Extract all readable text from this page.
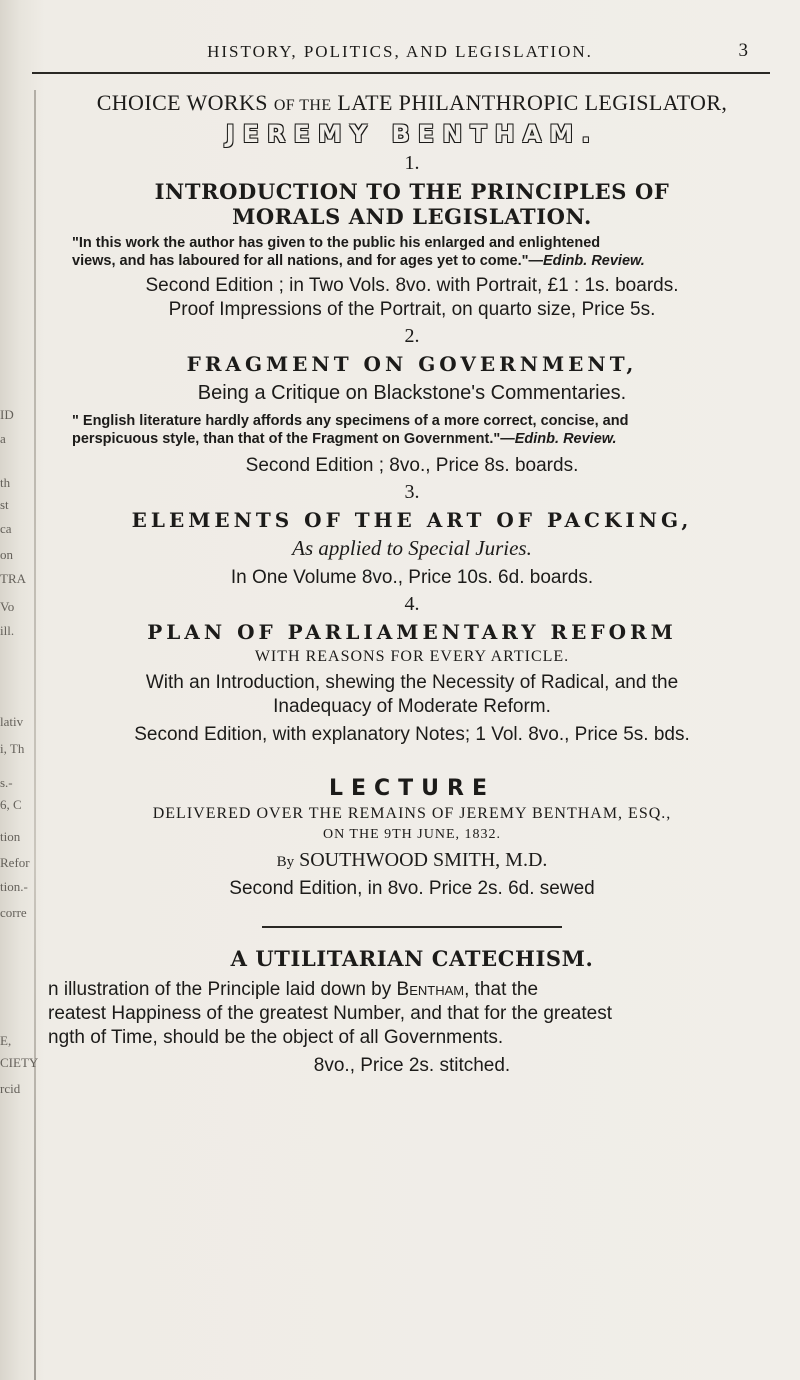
ID
a
th
st
ca
on
TRA
Vo
ill.
lativ
i, Th
s.-
6, C
tion
Refor
tion.-
corre
E,
CIETY
rcid
HISTORY, POLITICS, AND LEGISLATION.	3
CHOICE WORKS OF THE LATE PHILANTHROPIC LEGISLATOR,
JEREMY BENTHAM.
1.
INTRODUCTION TO THE PRINCIPLES OF
MORALS AND LEGISLATION.
"In this work the author has given to the public his enlarged and enlightened
views, and has laboured for all nations, and for ages yet to come."—Edinb. Review.
Second Edition ; in Two Vols. 8vo. with Portrait, £1 : 1s. boards.
Proof Impressions of the Portrait, on quarto size, Price 5s.
2.
FRAGMENT ON GOVERNMENT,
Being a Critique on Blackstone's Commentaries.
" English literature hardly affords any specimens of a more correct, concise, and
perspicuous style, than that of the Fragment on Government."—Edinb. Review.
Second Edition ; 8vo., Price 8s. boards.
3.
ELEMENTS OF THE ART OF PACKING,
As applied to Special Juries.
In One Volume 8vo., Price 10s. 6d. boards.
4.
PLAN OF PARLIAMENTARY REFORM
WITH REASONS FOR EVERY ARTICLE.
With an Introduction, shewing the Necessity of Radical, and the
Inadequacy of Moderate Reform.
Second Edition, with explanatory Notes; 1 Vol. 8vo., Price 5s. bds.
LECTURE
DELIVERED OVER THE REMAINS OF JEREMY BENTHAM, ESQ.,
ON THE 9TH JUNE, 1832.
By SOUTHWOOD SMITH, M.D.
Second Edition, in 8vo. Price 2s. 6d. sewed
A UTILITARIAN CATECHISM.
n illustration of the Principle laid down by Bentham, that the
reatest Happiness of the greatest Number, and that for the greatest
ngth of Time, should be the object of all Governments.
8vo., Price 2s. stitched.
